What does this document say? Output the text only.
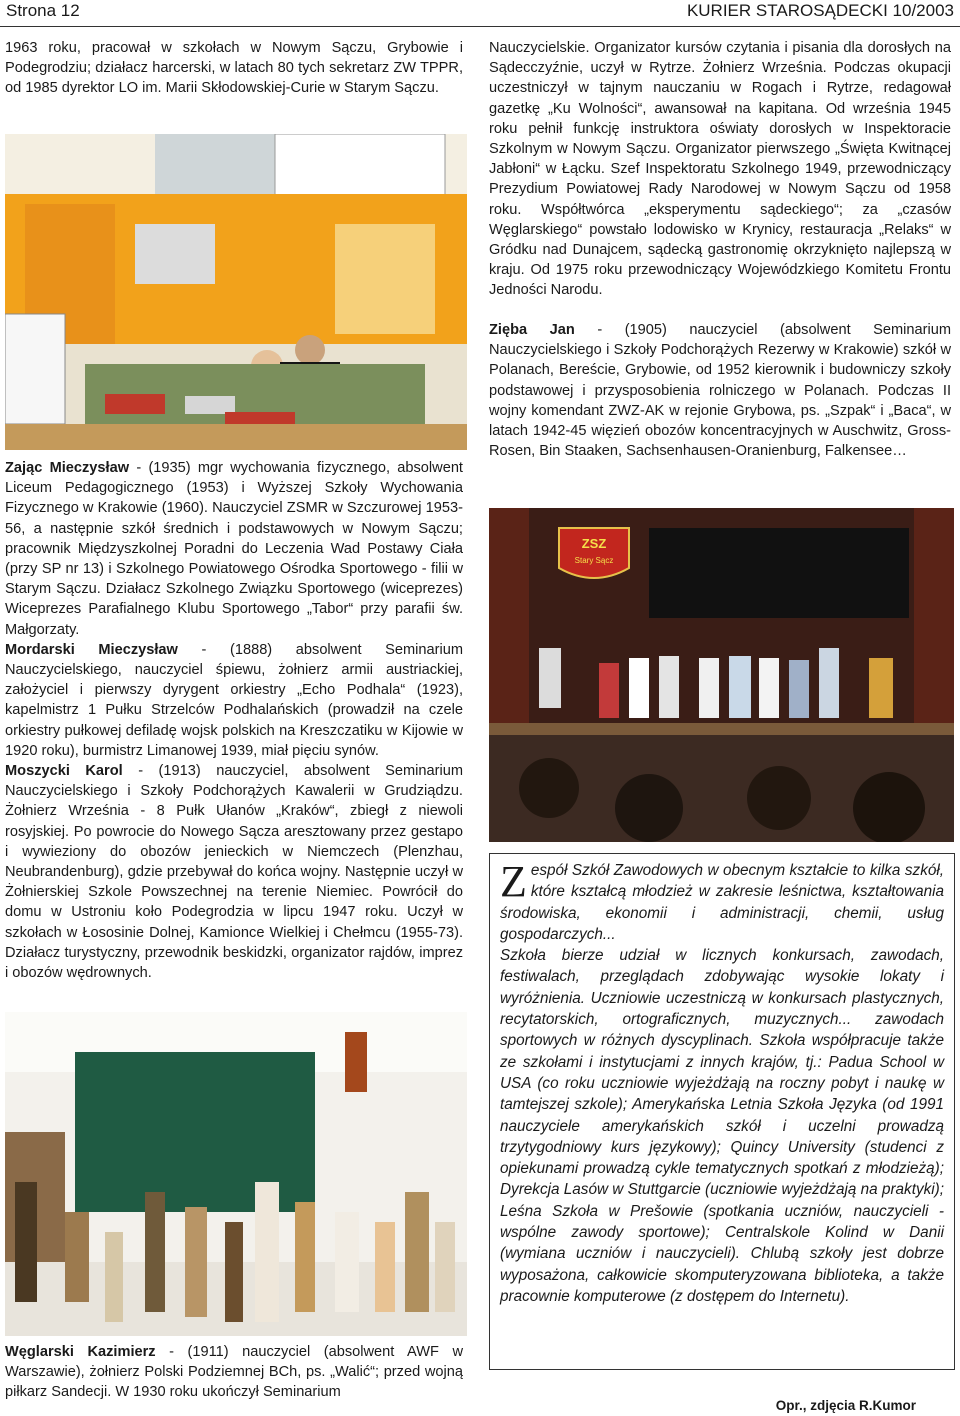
Strona 12	KURIER STAROSĄDECKI 10/2003

1963 roku, pracował w szkołach w Nowym Sączu, Grybowie i Podegrodziu; działacz harcerski, w latach 80 tych sekretarz ZW TPPR, od 1985 dyrektor LO im. Marii Skłodowskiej-Curie w Starym Sączu.

Zając Mieczysław - (1935) mgr wychowania fizycznego, absolwent Liceum Pedagogicznego (1953) i Wyższej Szkoły Wychowania Fizycznego w Krakowie (1960). Nauczyciel ZSMR w Szczurowej 1953-56, a następnie szkół średnich i podstawowych w Nowym Sączu; pracownik Międzyszkolnej Poradni do Leczenia Wad Postawy Ciała (przy SP nr 13) i Szkolnego Powiatowego Ośrodka Sportowego - filii w Starym Sączu. Działacz Szkolnego Związku Sportowego (wiceprezes) Wiceprezes Parafialnego Klubu Sportowego „Tabor“ przy parafii św. Małgorzaty.

Mordarski Mieczysław - (1888) absolwent Seminarium Nauczycielskiego, nauczyciel śpiewu, żołnierz armii austriackiej, założyciel i pierwszy dyrygent orkiestry „Echo Podhala“ (1923), kapelmistrz 1 Pułku Strzelców Podhalańskich (prowadził na czele orkiestry pułkowej defiladę wojsk polskich na Kreszczatiku w Kijowie w 1920 roku), burmistrz Limanowej 1939, miał pięciu synów.

Moszycki Karol - (1913) nauczyciel, absolwent Seminarium Nauczycielskiego i Szkoły Podchorążych Kawalerii w Grudziądzu. Żołnierz Września - 8 Pułk Ułanów „Kraków“, zbiegł z niewoli rosyjskiej. Po powrocie do Nowego Sącza aresztowany przez gestapo i wywieziony do obozów jenieckich w Niemczech (Plenzhau, Neubrandenburg), gdzie przebywał do końca wojny. Następnie uczył w Żołnierskiej Szkole Powszechnej na terenie Niemiec. Powrócił do domu w Ustroniu koło Podegrodzia w lipcu 1947 roku. Uczył w szkołach w Łososinie Dolnej, Kamionce Wielkiej i Chełmcu (1955-73). Działacz turystyczny, przewodnik beskidzki, organizator rajdów, imprez i obozów wędrownych.

Węglarski Kazimierz - (1911) nauczyciel (absolwent AWF w Warszawie), żołnierz Polski Podziemnej BCh, ps. „Walić“; przed wojną piłkarz Sandecji. W 1930 roku ukończył Seminarium

Nauczycielskie. Organizator kursów czytania i pisania dla dorosłych na Sądecczyźnie, uczył w Rytrze. Żołnierz Września. Podczas okupacji uczestniczył w tajnym nauczaniu w Rogach i Rytrze, redagował gazetkę „Ku Wolności“, awansował na kapitana. Od września 1945 roku pełnił funkcję instruktora oświaty dorosłych w Inspektoracie Szkolnym w Nowym Sączu. Organizator pierwszego „Święta Kwitnącej Jabłoni“ w Łącku. Szef Inspektoratu Szkolnego 1949, przewodniczący Prezydium Powiatowej Rady Narodowej w Nowym Sączu od 1958 roku. Współtwórca „eksperymentu sądeckiego“; za „czasów Węglarskiego“ powstało lodowisko w Krynicy, restauracja „Relaks“ w Gródku nad Dunajcem, sądecką gastronomię okrzyknięto najlepszą w kraju. Od 1975 roku przewodniczący Wojewódzkiego Komitetu Frontu Jedności Narodu.

Zięba Jan - (1905) nauczyciel (absolwent Seminarium Nauczycielskiego i Szkoły Podchorążych Rezerwy w Krakowie) szkół w Polanach, Bereście, Grybowie, od 1952 kierownik i budowniczy szkoły podstawowej i przysposobienia rolniczego w Polanach. Podczas II wojny komendant ZWZ-AK w rejonie Grybowa, ps. „Szpak“ i „Baca“, w latach 1942-45 więzień obozów koncentracyjnych w Auschwitz, Gross-Rosen, Bin Staaken, Sachsenhausen-Oranienburg, Falkensee…

ZSZ
Stary Sącz

Zespół Szkół Zawodowych w obecnym kształcie to kilka szkół, które kształcą młodzież w zakresie leśnictwa, kształtowania środowiska, ekonomii i administracji, chemii, usług gospodarczych...
Szkoła bierze udział w licznych konkursach, zawodach, festiwalach, przeglądach zdobywając wysokie lokaty i wyróżnienia. Uczniowie uczestniczą w konkursach plastycznych, recytatorskich, ortograficznych, muzycznych... zawodach sportowych w różnych dyscyplinach. Szkoła współpracuje także ze szkołami i instytucjami z innych krajów, tj.: Padua School w USA (co roku uczniowie wyjeżdżają na roczny pobyt i naukę w tamtejszej szkole); Amerykańska Letnia Szkoła Języka (od 1991 nauczyciele amerykańskich szkół i uczelni prowadzą trzytygodniowy kurs językowy); Quincy University (studenci z opiekunami prowadzą cykle tematycznych spotkań z młodzieżą); Dyrekcja Lasów w Stuttgarcie (uczniowie wyjeżdżają na praktyki); Leśna Szkoła w Prešowie (spotkania uczniów, nauczycieli - wspólne zawody sportowe); Centralskole Kolind w Danii (wymiana uczniów i nauczycieli). Chlubą szkoły jest dobrze wyposażona, całkowicie skomputeryzowana biblioteka, a także pracownie komputerowe (z dostępem do Internetu).

Opr., zdjęcia R.Kumor
